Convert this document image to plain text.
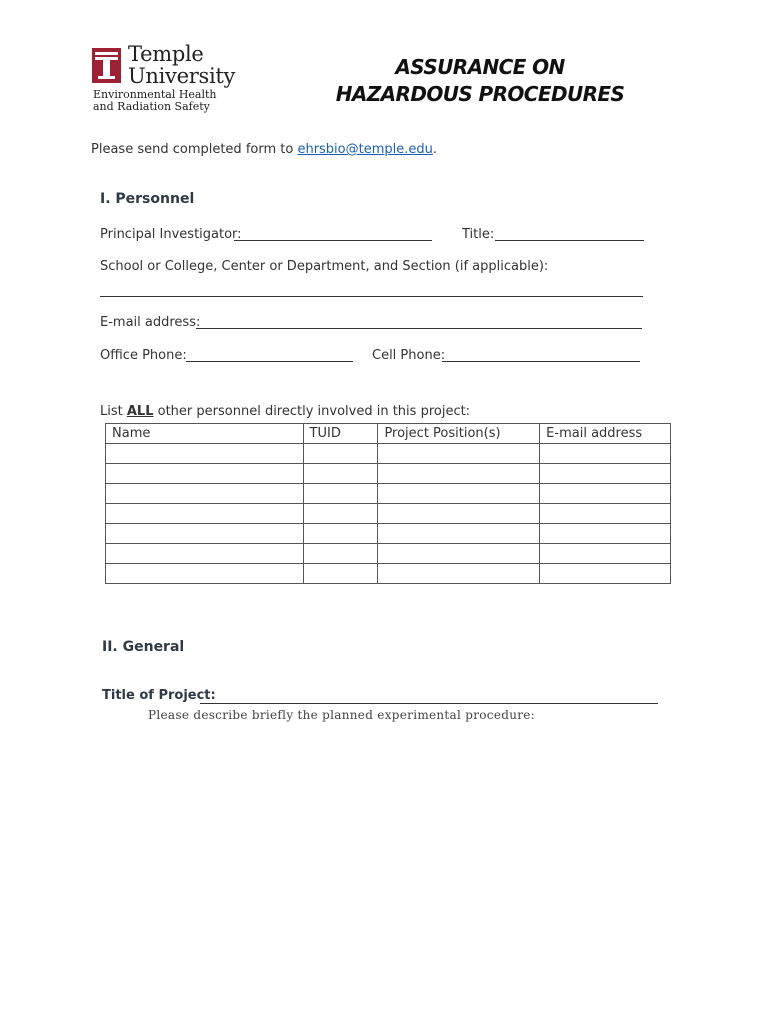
Temple
University
Environmental Health
and Radiation Safety
ASSURANCE ON
HAZARDOUS PROCEDURES
Please send completed form to ehrsbio@temple.edu.
I. Personnel
Principal Investigator:	Title:
School or College, Center or Department, and Section (if applicable):
E-mail address:
Office Phone:	Cell Phone:
List ALL other personnel directly involved in this project:
Name	TUID	Project Position(s)	E-mail address

II. General
Title of Project:
Please describe briefly the planned experimental procedure:
